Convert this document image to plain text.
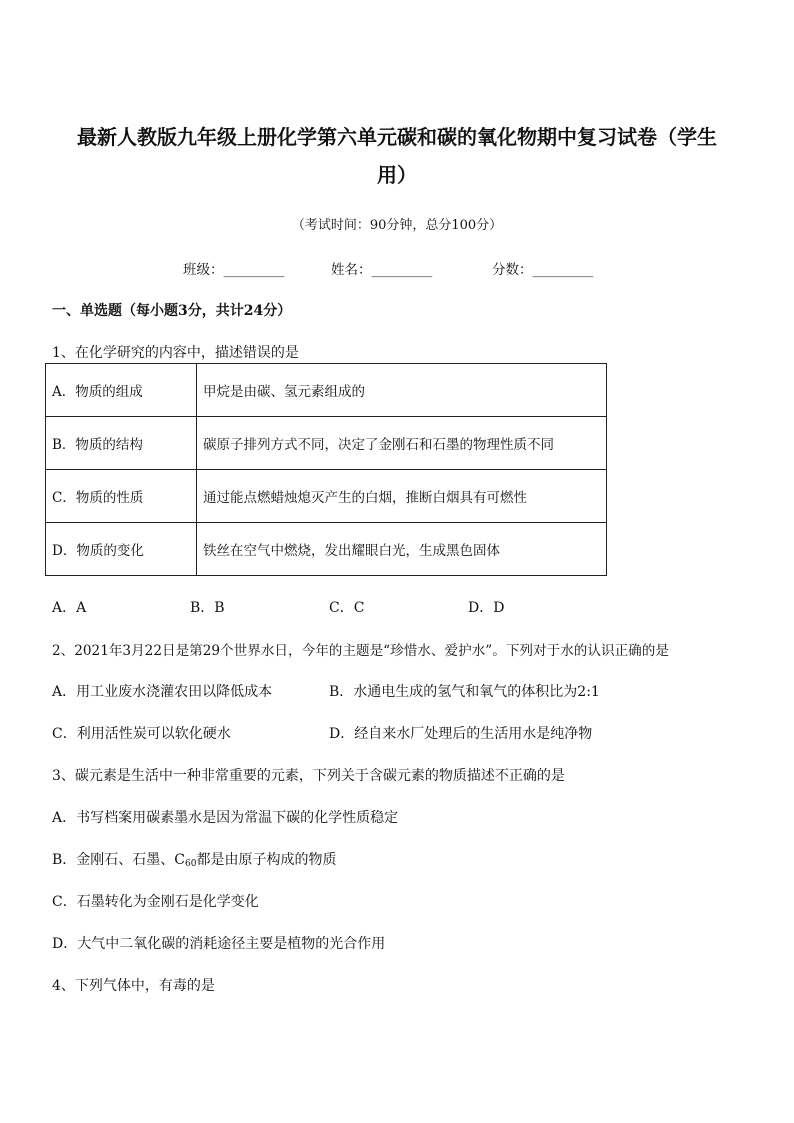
最新人教版九年级上册化学第六单元碳和碳的氧化物期中复习试卷（学生
用）
（考试时间：90分钟，总分100分）
班级：_________	姓名：_________	分数：_________
一、单选题（每小题3分，共计24分）
1、在化学研究的内容中，描述错误的是
A．物质的组成	甲烷是由碳、氢元素组成的
B．物质的结构	碳原子排列方式不同，决定了金刚石和石墨的物理性质不同
C．物质的性质	通过能点燃蜡烛熄灭产生的白烟，推断白烟具有可燃性
D．物质的变化	铁丝在空气中燃烧，发出耀眼白光，生成黑色固体
A．A	B．B	C．C	D．D
2、2021年3月22日是第29个世界水日，今年的主题是“珍惜水、爱护水”。下列对于水的认识正确的是
A．用工业废水浇灌农田以降低成本	B．水通电生成的氢气和氧气的体积比为2:1
C．利用活性炭可以软化硬水	D．经自来水厂处理后的生活用水是纯净物
3、碳元素是生活中一种非常重要的元素，下列关于含碳元素的物质描述不正确的是
A．书写档案用碳素墨水是因为常温下碳的化学性质稳定
B．金刚石、石墨、$C_{60}$都是由原子构成的物质
C．石墨转化为金刚石是化学变化
D．大气中二氧化碳的消耗途径主要是植物的光合作用
4、下列气体中，有毒的是
